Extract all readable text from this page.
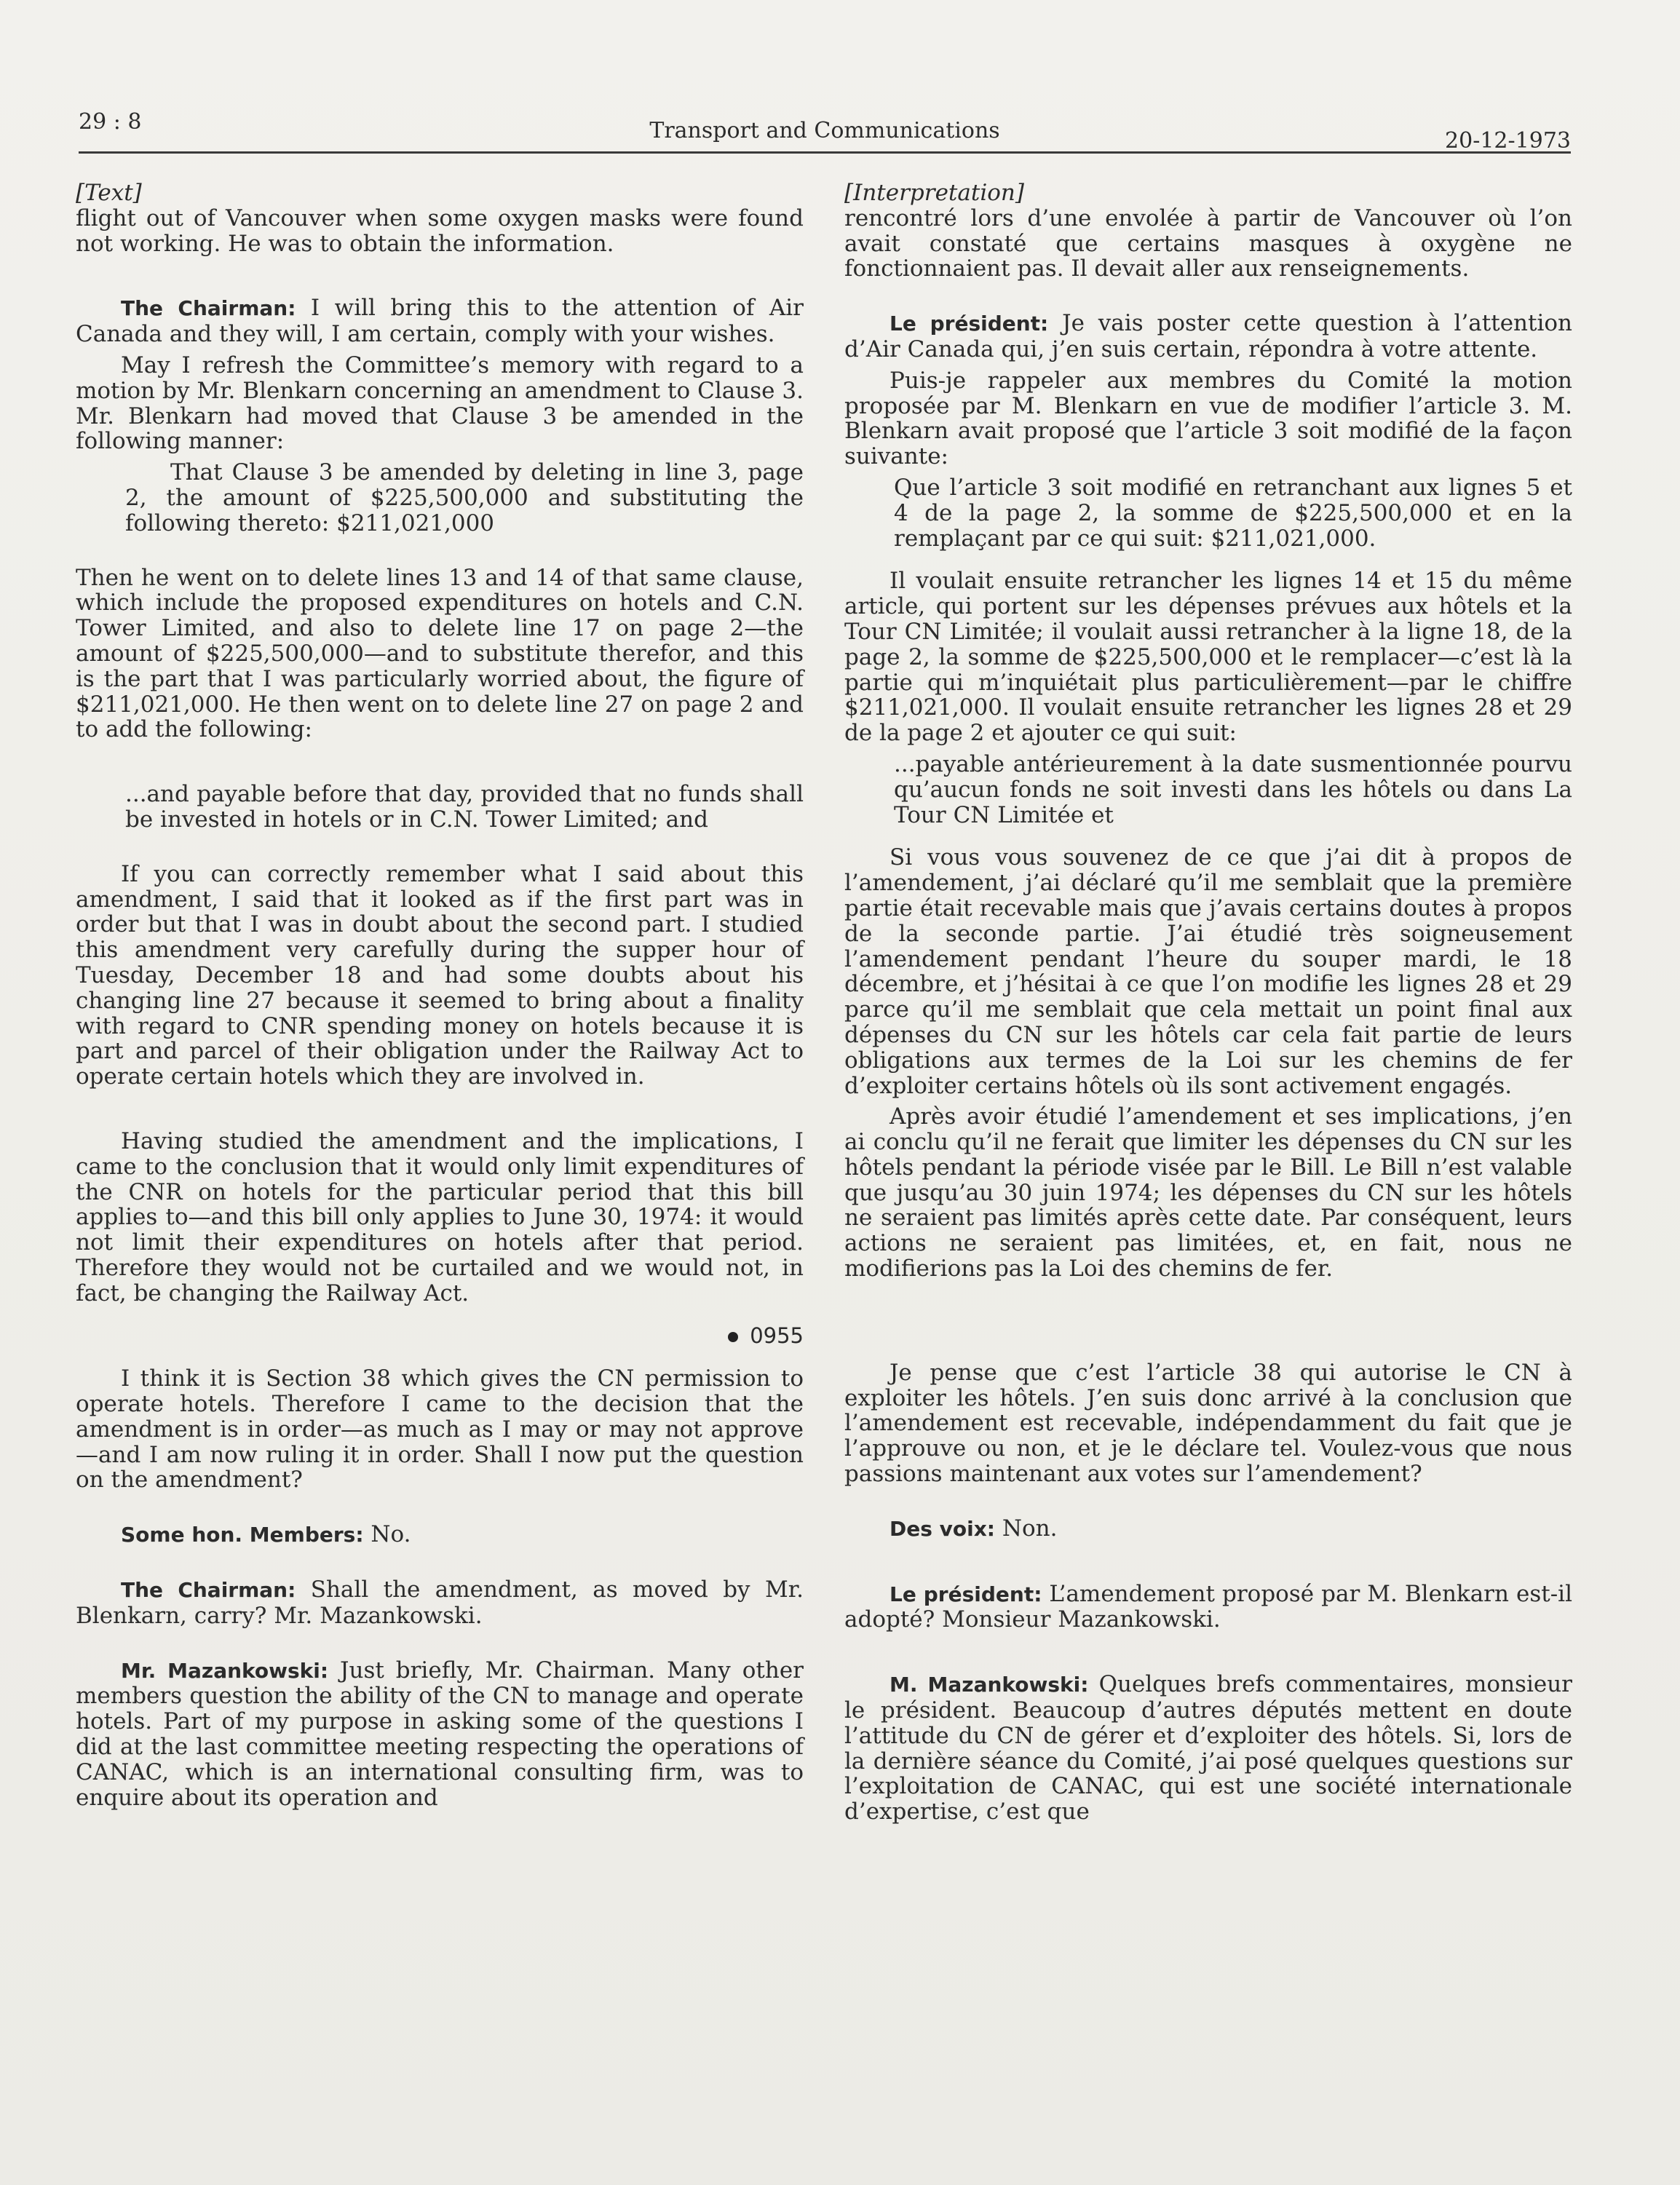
29 : 8	Transport and Communications	20-12-1973

[Text]

flight out of Vancouver when some oxygen masks were found not working. He was to obtain the information.

The Chairman: I will bring this to the attention of Air Canada and they will, I am certain, comply with your wishes.

May I refresh the Committee’s memory with regard to a motion by Mr. Blenkarn concerning an amendment to Clause 3. Mr. Blenkarn had moved that Clause 3 be amended in the following manner:

That Clause 3 be amended by deleting in line 3, page 2, the amount of $225,500,000 and substituting the following thereto: $211,021,000

Then he went on to delete lines 13 and 14 of that same clause, which include the proposed expenditures on hotels and C.N. Tower Limited, and also to delete line 17 on page 2—the amount of $225,500,000—and to substitute therefor, and this is the part that I was particularly worried about, the figure of $211,021,000. He then went on to delete line 27 on page 2 and to add the following:

...and payable before that day, provided that no funds shall be invested in hotels or in C.N. Tower Limited; and

If you can correctly remember what I said about this amendment, I said that it looked as if the first part was in order but that I was in doubt about the second part. I studied this amendment very carefully during the supper hour of Tuesday, December 18 and had some doubts about his changing line 27 because it seemed to bring about a finality with regard to CNR spending money on hotels because it is part and parcel of their obligation under the Railway Act to operate certain hotels which they are involved in.

Having studied the amendment and the implications, I came to the conclusion that it would only limit expenditures of the CNR on hotels for the particular period that this bill applies to—and this bill only applies to June 30, 1974: it would not limit their expenditures on hotels after that period. Therefore they would not be curtailed and we would not, in fact, be changing the Railway Act.

0955

I think it is Section 38 which gives the CN permission to operate hotels. Therefore I came to the decision that the amendment is in order—as much as I may or may not approve—and I am now ruling it in order. Shall I now put the question on the amendment?

Some hon. Members: No.

The Chairman: Shall the amendment, as moved by Mr. Blenkarn, carry? Mr. Mazankowski.

Mr. Mazankowski: Just briefly, Mr. Chairman. Many other members question the ability of the CN to manage and operate hotels. Part of my purpose in asking some of the questions I did at the last committee meeting respecting the operations of CANAC, which is an international consulting firm, was to enquire about its operation and

[Interpretation]

rencontré lors d’une envolée à partir de Vancouver où l’on avait constaté que certains masques à oxygène ne fonctionnaient pas. Il devait aller aux renseignements.

Le président: Je vais poster cette question à l’attention d’Air Canada qui, j’en suis certain, répondra à votre attente.

Puis-je rappeler aux membres du Comité la motion proposée par M. Blenkarn en vue de modifier l’article 3. M. Blenkarn avait proposé que l’article 3 soit modifié de la façon suivante:

Que l’article 3 soit modifié en retranchant aux lignes 5 et 4 de la page 2, la somme de $225,500,000 et en la remplaçant par ce qui suit: $211,021,000.

Il voulait ensuite retrancher les lignes 14 et 15 du même article, qui portent sur les dépenses prévues aux hôtels et la Tour CN Limitée; il voulait aussi retrancher à la ligne 18, de la page 2, la somme de $225,500,000 et le remplacer—c’est là la partie qui m’inquiétait plus particulièrement—par le chiffre $211,021,000. Il voulait ensuite retrancher les lignes 28 et 29 de la page 2 et ajouter ce qui suit:

...payable antérieurement à la date susmentionnée pourvu qu’aucun fonds ne soit investi dans les hôtels ou dans La Tour CN Limitée et

Si vous vous souvenez de ce que j’ai dit à propos de l’amendement, j’ai déclaré qu’il me semblait que la première partie était recevable mais que j’avais certains doutes à propos de la seconde partie. J’ai étudié très soigneusement l’amendement pendant l’heure du souper mardi, le 18 décembre, et j’hésitai à ce que l’on modifie les lignes 28 et 29 parce qu’il me semblait que cela mettait un point final aux dépenses du CN sur les hôtels car cela fait partie de leurs obligations aux termes de la Loi sur les chemins de fer d’exploiter certains hôtels où ils sont activement engagés.

Après avoir étudié l’amendement et ses implications, j’en ai conclu qu’il ne ferait que limiter les dépenses du CN sur les hôtels pendant la période visée par le Bill. Le Bill n’est valable que jusqu’au 30 juin 1974; les dépenses du CN sur les hôtels ne seraient pas limités après cette date. Par conséquent, leurs actions ne seraient pas limitées, et, en fait, nous ne modifierions pas la Loi des chemins de fer.

Je pense que c’est l’article 38 qui autorise le CN à exploiter les hôtels. J’en suis donc arrivé à la conclusion que l’amendement est recevable, indépendamment du fait que je l’approuve ou non, et je le déclare tel. Voulez-vous que nous passions maintenant aux votes sur l’amendement?

Des voix: Non.

Le président: L’amendement proposé par M. Blenkarn est-il adopté? Monsieur Mazankowski.

M. Mazankowski: Quelques brefs commentaires, monsieur le président. Beaucoup d’autres députés mettent en doute l’attitude du CN de gérer et d’exploiter des hôtels. Si, lors de la dernière séance du Comité, j’ai posé quelques questions sur l’exploitation de CANAC, qui est une société internationale d’expertise, c’est que
